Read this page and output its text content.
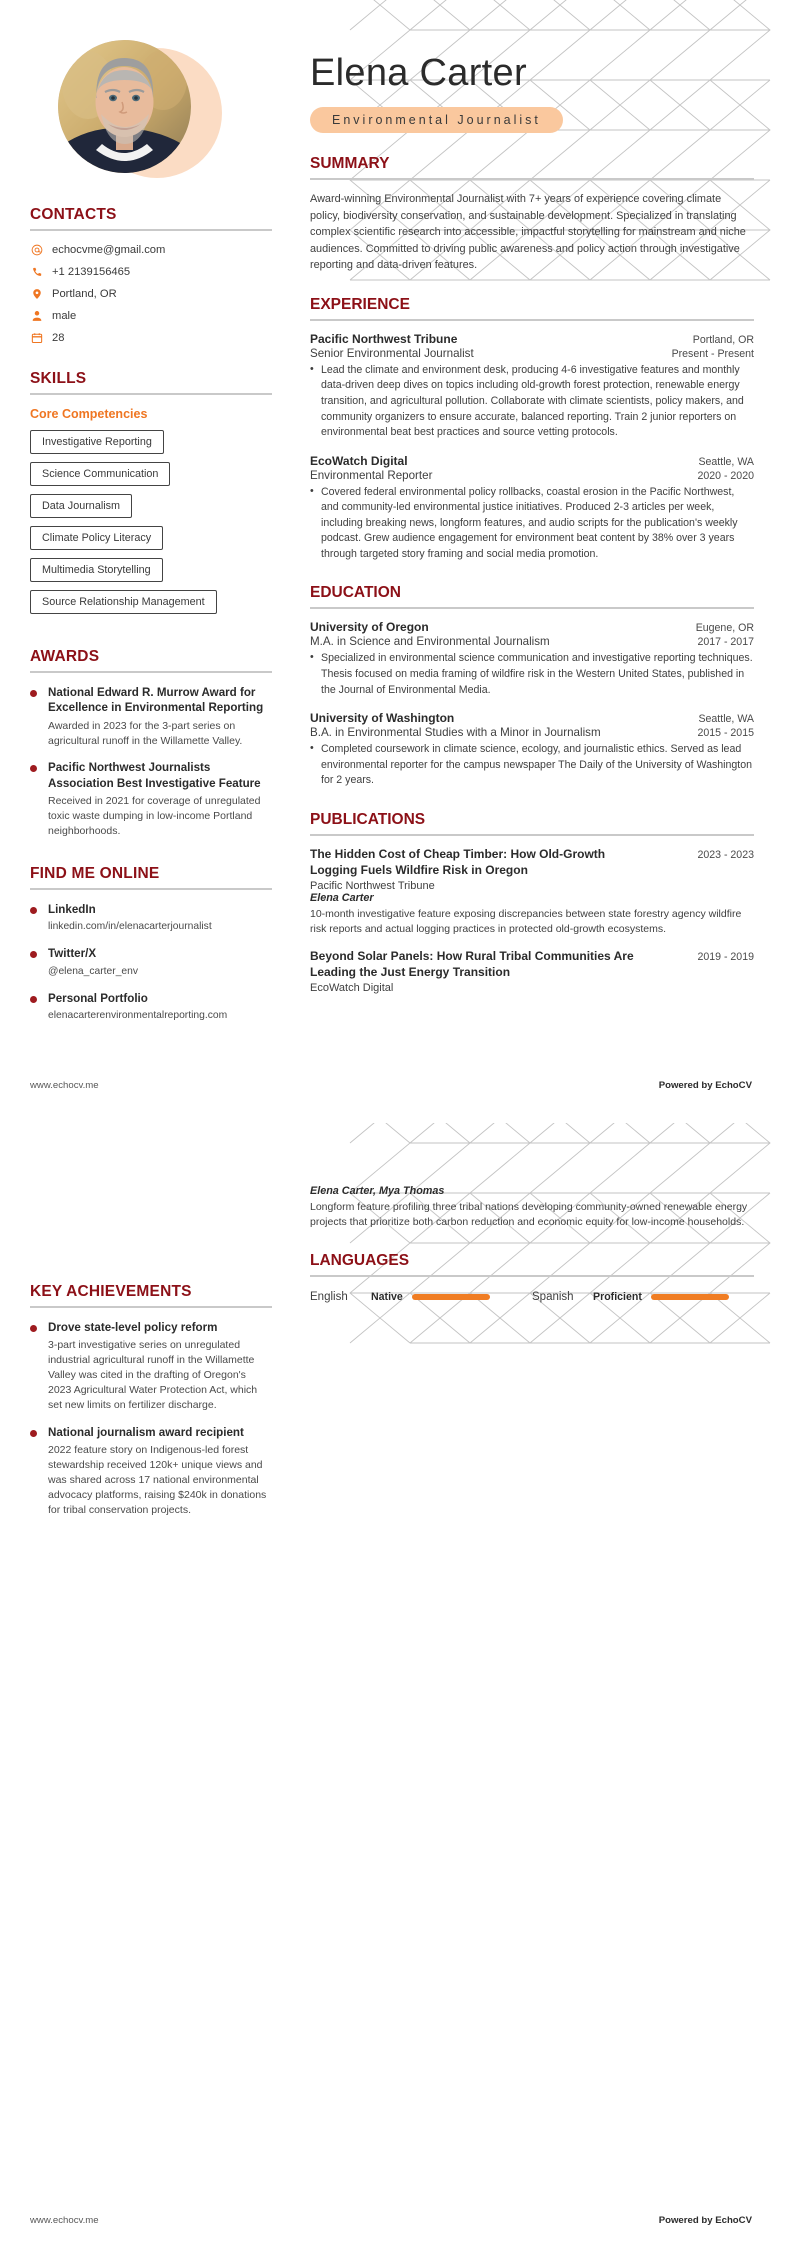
CONTACTS
echocvme@gmail.com
+1 2139156465
Portland, OR
male
28
SKILLS
Core Competencies
Investigative Reporting
Science Communication
Data Journalism
Climate Policy Literacy
Multimedia Storytelling
Source Relationship Management
AWARDS
National Edward R. Murrow Award for Excellence in Environmental Reporting
Awarded in 2023 for the 3-part series on agricultural runoff in the Willamette Valley.
Pacific Northwest Journalists Association Best Investigative Feature
Received in 2021 for coverage of unregulated toxic waste dumping in low-income Portland neighborhoods.
FIND ME ONLINE
LinkedIn
linkedin.com/in/elenacarterjournalist
Twitter/X
@elena_carter_env
Personal Portfolio
elenacarterenvironmentalreporting.com
Elena Carter
Environmental Journalist
SUMMARY
Award-winning Environmental Journalist with 7+ years of experience covering climate policy, biodiversity conservation, and sustainable development. Specialized in translating complex scientific research into accessible, impactful storytelling for mainstream and niche audiences. Committed to driving public awareness and policy action through investigative reporting and data-driven features.
EXPERIENCE
Pacific Northwest Tribune	Portland, OR
Senior Environmental Journalist	Present - Present
• Lead the climate and environment desk, producing 4-6 investigative features and monthly data-driven deep dives on topics including old-growth forest protection, renewable energy transition, and agricultural pollution. Collaborate with climate scientists, policy makers, and community organizers to ensure accurate, balanced reporting. Train 2 junior reporters on environmental beat best practices and source vetting protocols.
EcoWatch Digital	Seattle, WA
Environmental Reporter	2020 - 2020
• Covered federal environmental policy rollbacks, coastal erosion in the Pacific Northwest, and community-led environmental justice initiatives. Produced 2-3 articles per week, including breaking news, longform features, and audio scripts for the publication's weekly podcast. Grew audience engagement for environment beat content by 38% over 3 years through targeted story framing and social media promotion.
EDUCATION
University of Oregon	Eugene, OR
M.A. in Science and Environmental Journalism	2017 - 2017
• Specialized in environmental science communication and investigative reporting techniques. Thesis focused on media framing of wildfire risk in the Western United States, published in the Journal of Environmental Media.
University of Washington	Seattle, WA
B.A. in Environmental Studies with a Minor in Journalism	2015 - 2015
• Completed coursework in climate science, ecology, and journalistic ethics. Served as lead environmental reporter for the campus newspaper The Daily of the University of Washington for 2 years.
PUBLICATIONS
The Hidden Cost of Cheap Timber: How Old-Growth Logging Fuels Wildfire Risk in Oregon
2023 - 2023
Pacific Northwest Tribune
Elena Carter
10-month investigative feature exposing discrepancies between state forestry agency wildfire risk reports and actual logging practices in protected old-growth ecosystems.
Beyond Solar Panels: How Rural Tribal Communities Are Leading the Just Energy Transition
2019 - 2019
EcoWatch Digital
www.echocv.me	Powered by EchoCV
KEY ACHIEVEMENTS
Drove state-level policy reform
3-part investigative series on unregulated industrial agricultural runoff in the Willamette Valley was cited in the drafting of Oregon's 2023 Agricultural Water Protection Act, which set new limits on fertilizer discharge.
National journalism award recipient
2022 feature story on Indigenous-led forest stewardship received 120k+ unique views and was shared across 17 national environmental advocacy platforms, raising $240k in donations for tribal conservation projects.
Elena Carter, Mya Thomas
Longform feature profiling three tribal nations developing community-owned renewable energy projects that prioritize both carbon reduction and economic equity for low-income households.
LANGUAGES
English	Native	Spanish	Proficient
www.echocv.me	Powered by EchoCV
